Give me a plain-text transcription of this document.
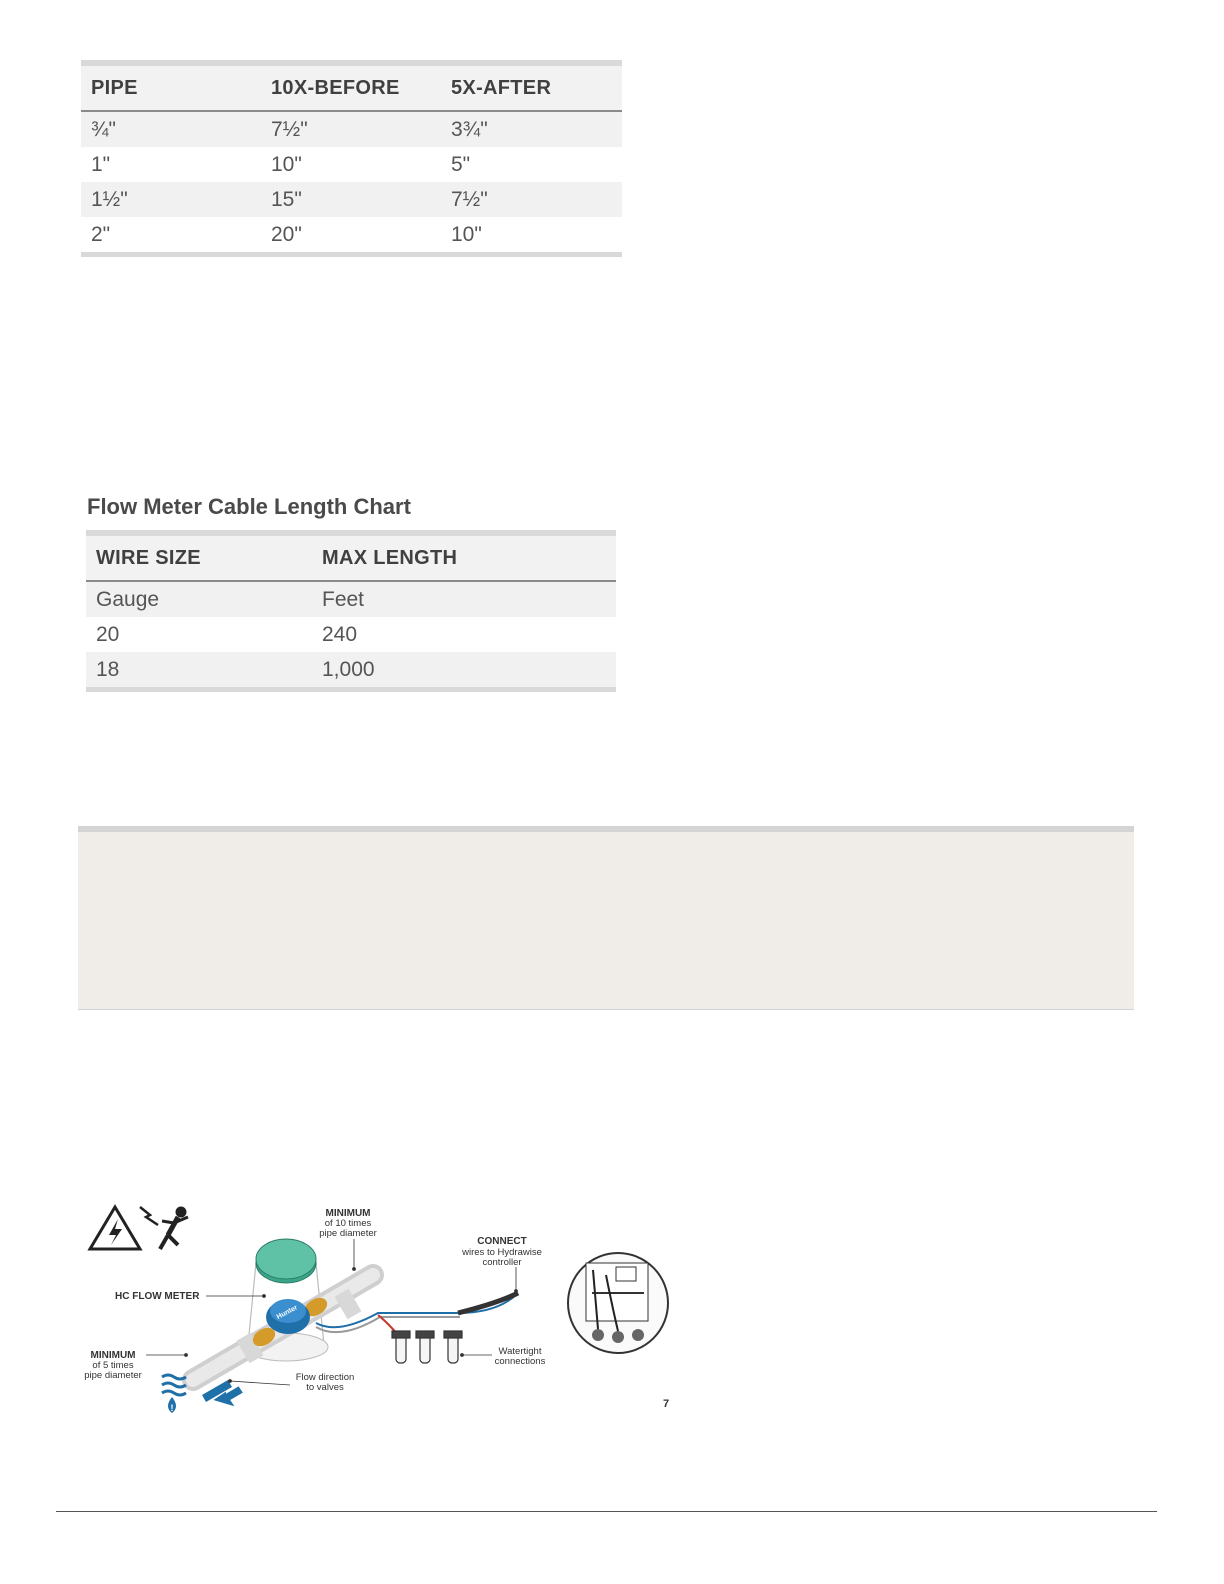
PIPE	10X-BEFORE	5X-AFTER
¾"	7½"	3¾"
1"	10"	5"
1½"	15"	7½"
2"	20"	10"
Flow Meter Cable Length Chart
WIRE SIZE	MAX LENGTH
Gauge	Feet
20	240
18	1,000
Hunter
!
MINIMUM
of 10 times
pipe diameter
CONNECT
wires to Hydrawise
controller
HC FLOW METER
MINIMUM
of 5 times
pipe diameter	Flow direction
to valves
Watertight
connections
7
